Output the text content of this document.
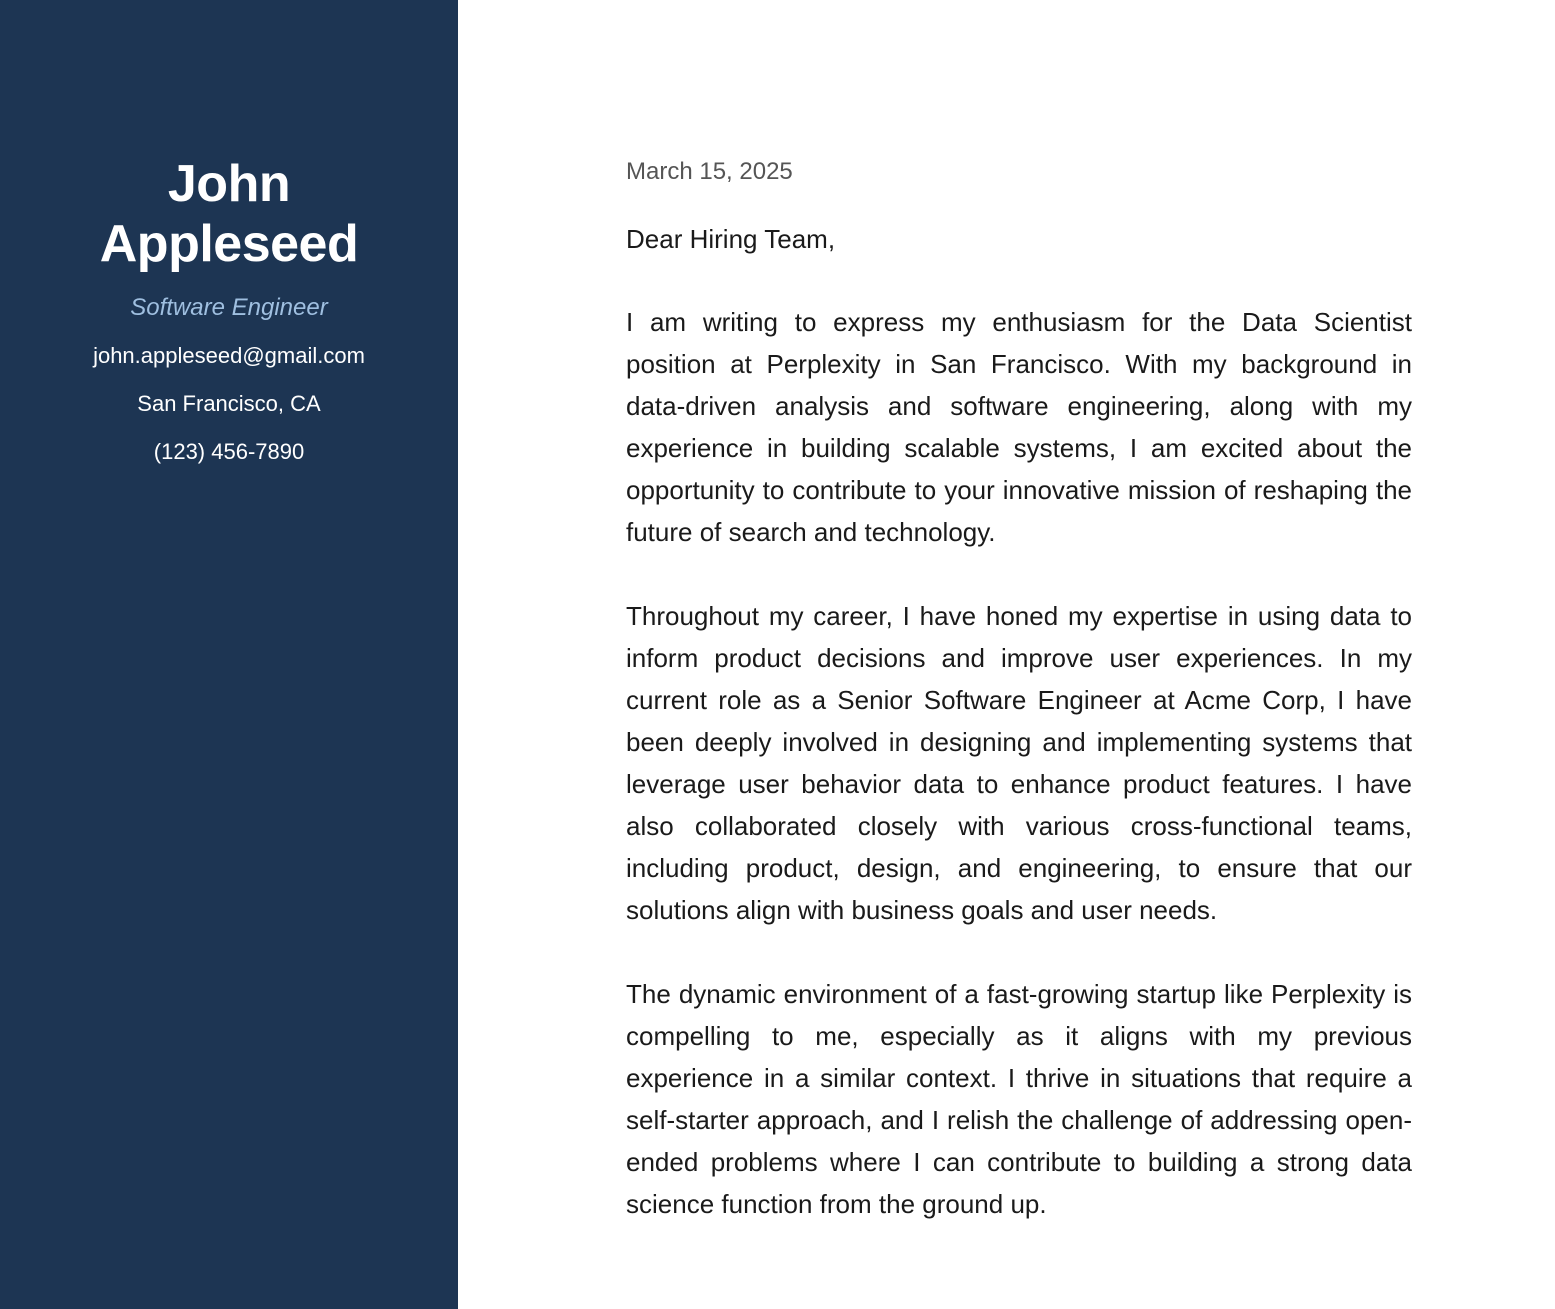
John Appleseed
Software Engineer
john.appleseed@gmail.com
San Francisco, CA
(123) 456-7890

March 15, 2025

Dear Hiring Team,

I am writing to express my enthusiasm for the Data Scientist position at Perplexity in San Francisco. With my background in data-driven analysis and software engineering, along with my experience in building scalable systems, I am excited about the opportunity to contribute to your innovative mission of reshaping the future of search and technology.

Throughout my career, I have honed my expertise in using data to inform product decisions and improve user experiences. In my current role as a Senior Software Engineer at Acme Corp, I have been deeply involved in designing and implementing systems that leverage user behavior data to enhance product features. I have also collaborated closely with various cross-functional teams, including product, design, and engineering, to ensure that our solutions align with business goals and user needs.

The dynamic environment of a fast-growing startup like Perplexity is compelling to me, especially as it aligns with my previous experience in a similar context. I thrive in situations that require a self-starter approach, and I relish the challenge of addressing open-ended problems where I can contribute to building a strong data science function from the ground up.
